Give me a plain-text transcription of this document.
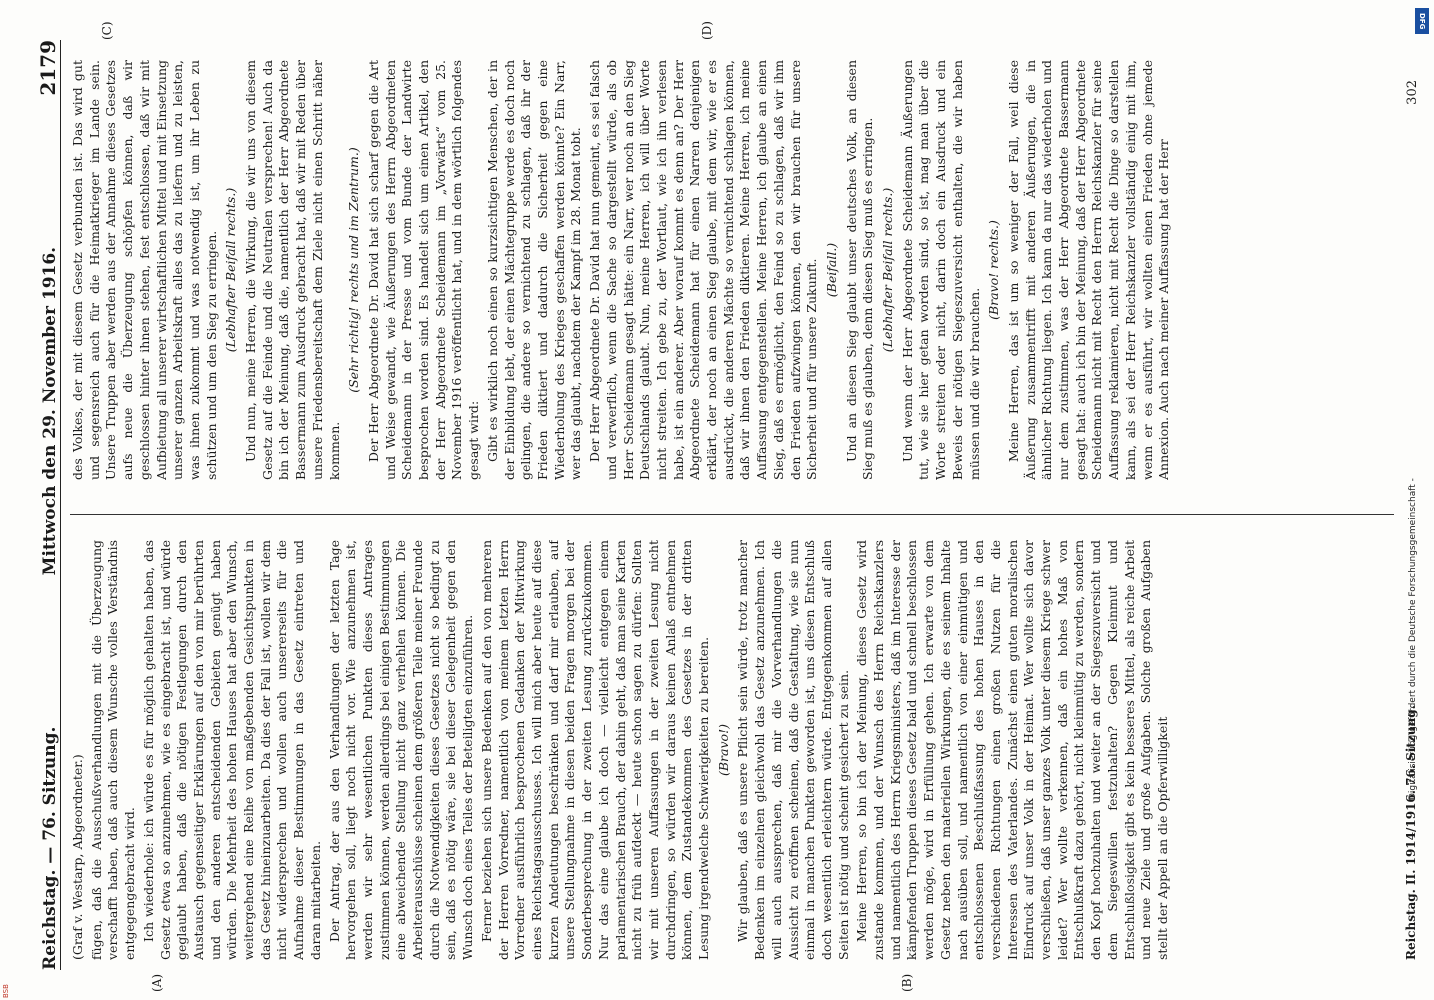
Reichstag. — 76. Sitzung.
Mittwoch den 29. November 1916.
2179
(A)	(B)
(C)	(D)

(Graf v. Westarp, Abgeordneter.) fügen, daß die Ausschußverhandlungen mit die Überzeugung verschafft haben, daß auch diesem Wunsche volles Verständnis entgegengebracht wird. Ich wiederhole: ich würde es für möglich gehalten haben, das Gesetz etwa so anzunehmen, wie es eingebracht ist, und würde geglaubt haben, daß die nötigen Festlegungen durch den Austausch gegenseitiger Erklärungen auf den von mir berührten und den anderen entscheidenden Gebieten genügt haben würden. Die Mehrheit des hohen Hauses hat aber den Wunsch, weitergehend eine Reihe von maßgebenden Gesichtspunkten in das Gesetz hineinzuarbeiten. Da dies der Fall ist, wollen wir dem nicht widersprechen und wollen auch unsererseits für die Aufnahme dieser Bestimmungen in das Gesetz eintreten und daran mitarbeiten. Der Antrag, der aus den Verhandlungen der letzten Tage hervorgehen soll, liegt noch nicht vor. Wie anzunehmen ist, werden wir sehr wesentlichen Punkten dieses Antrages zustimmen können, werden allerdings bei einigen Bestimmungen eine abweichende Stellung nicht ganz verhehlen können. Die Arbeiterausschüsse scheinen dem größeren Teile meiner Freunde durch die Notwendigkeiten dieses Gesetzes nicht so bedingt zu sein, daß es nötig wäre, sie bei dieser Gelegenheit gegen den Wunsch doch eines Teiles der Beteiligten einzuführen. Ferner beziehen sich unsere Bedenken auf den von mehreren der Herren Vorredner, namentlich von meinem letzten Herrn Vorredner ausführlich besprochenen Gedanken der Mitwirkung eines Reichstagsausschusses. Ich will mich aber heute auf diese kurzen Andeutungen beschränken und darf mir erlauben, auf unsere Stellungnahme in diesen beiden Fragen morgen bei der Sonderbesprechung in der zweiten Lesung zurückzukommen. Nur das eine glaube ich doch — vielleicht entgegen einem parlamentarischen Brauch, der dahin geht, daß man seine Karten nicht zu früh aufdeckt — heute schon sagen zu dürfen: Sollten wir mit unseren Auffassungen in der zweiten Lesung nicht durchdringen, so würden wir daraus keinen Anlaß entnehmen können, dem Zustandekommen des Gesetzes in der dritten Lesung irgendwelche Schwierigkeiten zu bereiten. (Bravo!) Wir glauben, daß es unsere Pflicht sein würde, trotz mancher Bedenken im einzelnen gleichwohl das Gesetz anzunehmen. Ich will auch aussprechen, daß mir die Vorverhandlungen die Aussicht zu eröffnen scheinen, daß die Gestaltung, wie sie nun einmal in manchen Punkten geworden ist, uns diesen Entschluß doch wesentlich erleichtern würde. Entgegenkommen auf allen Seiten ist nötig und scheint gesichert zu sein. Meine Herren, so bin ich der Meinung, dieses Gesetz wird zustande kommen, und der Wunsch des Herrn Reichskanzlers und namentlich des Herrn Kriegsministers, daß im Interesse der kämpfenden Truppen dieses Gesetz bald und schnell beschlossen werden möge, wird in Erfüllung gehen. Ich erwarte von dem Gesetz neben den materiellen Wirkungen, die es seinem Inhalte nach ausüben soll, und namentlich von einer einmütigen und entschlossenen Beschlußfassung des hohen Hauses in den verschiedenen Richtungen einen großen Nutzen für die Interessen des Vaterlandes. Zunächst einen guten moralischen Eindruck auf unser Volk in der Heimat. Wer wollte sich davor verschließen, daß unser ganzes Volk unter diesem Kriege schwer leidet? Wer wollte verkennen, daß ein hohes Maß von Entschlußkraft dazu gehört, nicht kleinmütig zu werden, sondern den Kopf hochzuhalten und weiter an der Siegeszuversicht und dem Siegeswillen festzuhalten? Gegen Kleinmut und Entschlußlosigkeit gibt es kein besseres Mittel, als reiche Arbeit und neue Ziele und große Aufgaben. Solche großen Aufgaben stellt der Appell an die Opferwilligkeit

des Volkes, der mit diesem Gesetz verbunden ist. Das wird gut und segensreich auch für die Heimatkrieger im Lande sein. Unsere Truppen aber werden aus der Annahme dieses Gesetzes aufs neue die Überzeugung schöpfen können, daß wir geschlossen hinter ihnen stehen, fest entschlossen, daß wir mit Aufbietung all unserer wirtschaftlichen Mittel und mit Einsetzung unserer ganzen Arbeitskraft alles das zu liefern und zu leisten, was ihnen zukommt und was notwendig ist, um ihr Leben zu schützen und um den Sieg zu erringen. (Lebhafter Beifall rechts.) Und nun, meine Herren, die Wirkung, die wir uns von diesem Gesetz auf die Feinde und die Neutralen versprechen! Auch da bin ich der Meinung, daß die, namentlich der Herr Abgeordnete Bassermann zum Ausdruck gebracht hat, daß wir mit Reden über unsere Friedensbereitschaft dem Ziele nicht einen Schritt näher kommen.

(Sehr richtig! rechts und im Zentrum.) Der Herr Abgeordnete Dr. David hat sich scharf gegen die Art und Weise gewandt, wie Äußerungen des Herrn Abgeordneten Scheidemann in der Presse und vom Bunde der Landwirte besprochen worden sind. Es handelt sich um einen Artikel, den der Herr Abgeordnete Scheidemann im „Vorwärts“ vom 25. November 1916 veröffentlicht hat, und in dem wörtlich folgendes gesagt wird: Gibt es wirklich noch einen so kurzsichtigen Menschen, der in der Einbildung lebt, der einen Mächtegruppe werde es doch noch gelingen, die andere so vernichtend zu schlagen, daß ihr der Frieden diktiert und dadurch die Sicherheit gegen eine Wiederholung des Krieges geschaffen werden könnte? Ein Narr, wer das glaubt, nachdem der Kampf im 28. Monat tobt. Der Herr Abgeordnete Dr. David hat nun gemeint, es sei falsch und verwerflich, wenn die Sache so dargestellt würde, als ob Herr Scheidemann gesagt hätte: ein Narr, wer noch an den Sieg Deutschlands glaubt. Nun, meine Herren, ich will über Worte nicht streiten. Ich gebe zu, der Wortlaut, wie ich ihn verlesen habe, ist ein anderer. Aber worauf kommt es denn an? Der Herr Abgeordnete Scheidemann hat für einen Narren denjenigen erklärt, der noch an einen Sieg glaube, mit dem wir, wie er es ausdrückt, die anderen Mächte so vernichtend schlagen können, daß wir ihnen den Frieden diktieren. Meine Herren, ich meine Auffassung entgegenstellen. Meine Herren, ich glaube an einen Sieg, daß es ermöglicht, den Feind so zu schlagen, daß wir ihm den Frieden aufzwingen können, den wir brauchen für unsere Sicherheit und für unsere Zukunft. (Beifall.) Und an diesen Sieg glaubt unser deutsches Volk, an diesen Sieg muß es glauben, denn diesen Sieg muß es erringen. (Lebhafter Beifall rechts.) Und wenn der Herr Abgeordnete Scheidemann Äußerungen tut, wie sie hier getan worden sind, so ist, mag man über die Worte streiten oder nicht, darin doch ein Ausdruck und ein Beweis der nötigen Siegeszuversicht enthalten, die wir haben müssen und die wir brauchen.

(Bravo! rechts.) Meine Herren, das ist um so weniger der Fall, weil diese Äußerung zusammentrifft mit anderen Äußerungen, die in ähnlicher Richtung liegen. Ich kann da nur das wiederholen und nur dem zustimmen, was der Herr Abgeordnete Bassermann gesagt hat: auch ich bin der Meinung, daß der Herr Abgeordnete Scheidemann nicht mit Recht den Herrn Reichskanzler für seine Auffassung reklamieren, nicht mit Recht die Dinge so darstellen kann, als sei der Herr Reichskanzler vollständig einig mit ihm, wenn er es ausführt, wir wollten einen Frieden ohne jemede Annexion. Auch nach meiner Auffassung hat der Herr

Reichstag. II. 1914/1916. 76. Sitzung.
302
DFG
Digitalisierung gefördert durch die Deutsche Forschungsgemeinschaft -
BSB
